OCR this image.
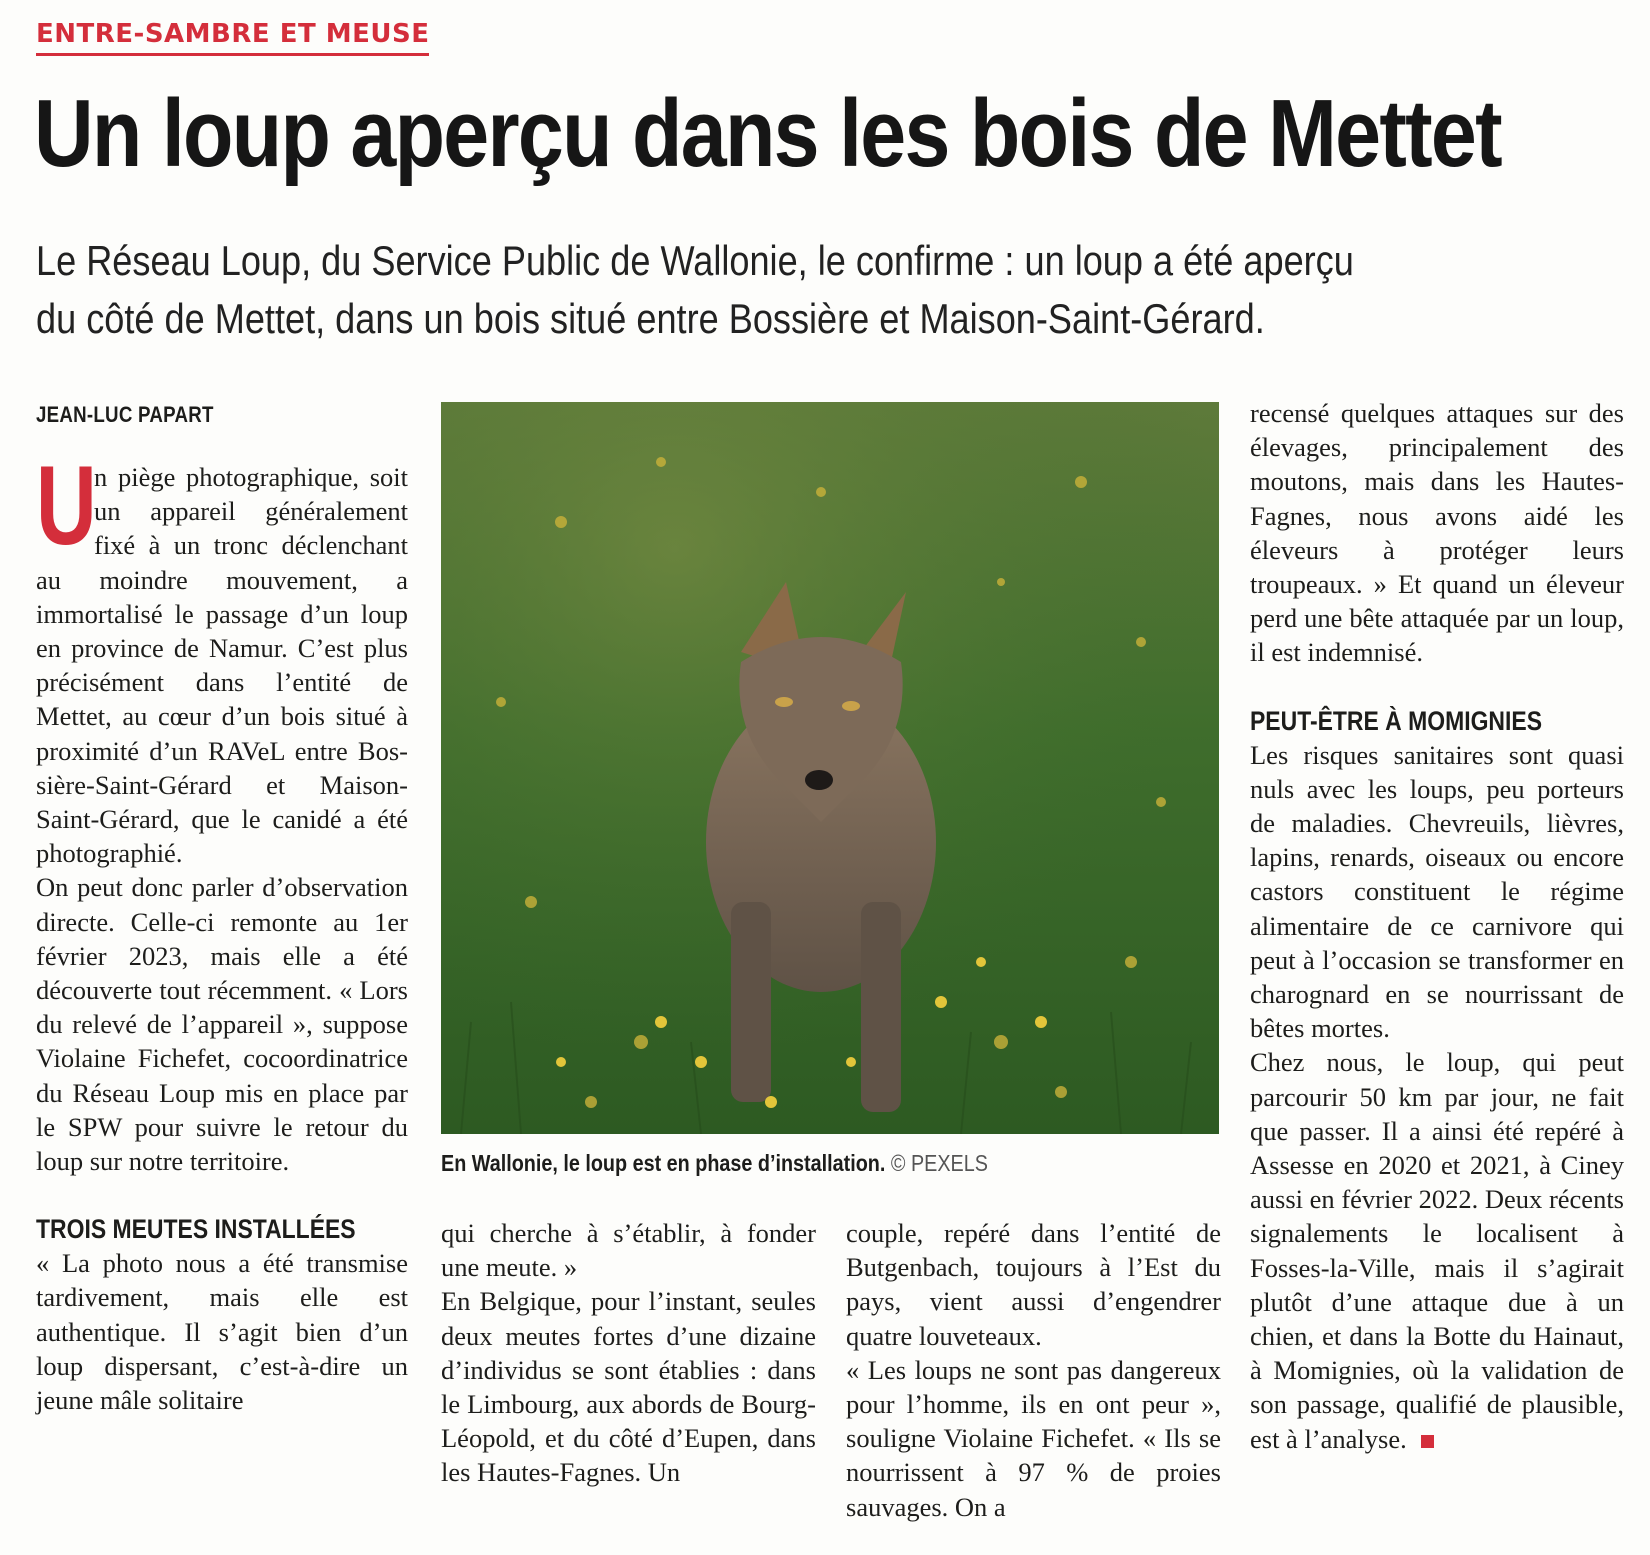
ENTRE-SAMBRE ET MEUSE
Un loup aperçu dans les bois de Mettet
Le Réseau Loup, du Service Public de Wallonie, le confirme : un loup a été aperçu du côté de Mettet, dans un bois situé entre Bossière et Maison-Saint-Gérard.

JEAN-LUC PAPART

U
n piège photographique, soit un appareil généralement fixé à un tronc déclenchant au moindre mouvement, a immortalisé le passage d’un loup en province de Namur. C’est plus précisément dans l’entité de Mettet, au cœur d’un bois situé à proximité d’un RAVeL entre Bossière-Saint-Gérard et Maison-Saint-Gérard, que le canidé a été photographié.

On peut donc parler d’observation directe. Celle-ci remonte au 1er février 2023, mais elle a été découverte tout récemment. « Lors du relevé de l’appareil », suppose Violaine Fichefet, cocoordinatrice du Réseau Loup mis en place par le SPW pour suivre le retour du loup sur notre territoire.

TROIS MEUTES INSTALLÉES

« La photo nous a été transmise tardivement, mais elle est authentique. Il s’agit bien d’un loup dispersant, c’est-à-dire un jeune mâle solitaire

En Wallonie, le loup est en phase d’installation. © PEXELS

qui cherche à s’établir, à fonder une meute. »

En Belgique, pour l’instant, seules deux meutes fortes d’une dizaine d’individus se sont établies : dans le Limbourg, aux abords de Bourg-Léopold, et du côté d’Eupen, dans les Hautes-Fagnes. Un

couple, repéré dans l’entité de Butgenbach, toujours à l’Est du pays, vient aussi d’engendrer quatre louveteaux.

« Les loups ne sont pas dangereux pour l’homme, ils en ont peur », souligne Violaine Fichefet. « Ils se nourrissent à 97 % de proies sauvages. On a

recensé quelques attaques sur des élevages, principalement des moutons, mais dans les Hautes-Fagnes, nous avons aidé les éleveurs à protéger leurs troupeaux. » Et quand un éleveur perd une bête attaquée par un loup, il est indemnisé.

PEUT-ÊTRE À MOMIGNIES

Les risques sanitaires sont quasi nuls avec les loups, peu porteurs de maladies. Chevreuils, lièvres, lapins, renards, oiseaux ou encore castors constituent le régime alimentaire de ce carnivore qui peut à l’occasion se transformer en charognard en se nourrissant de bêtes mortes.

Chez nous, le loup, qui peut parcourir 50 km par jour, ne fait que passer. Il a ainsi été repéré à Assesse en 2020 et 2021, à Ciney aussi en février 2022. Deux récents signalements le localisent à Fosses-la-Ville, mais il s’agirait plutôt d’une attaque due à un chien, et dans la Botte du Hainaut, à Momignies, où la validation de son passage, qualifié de plausible, est à l’analyse.
